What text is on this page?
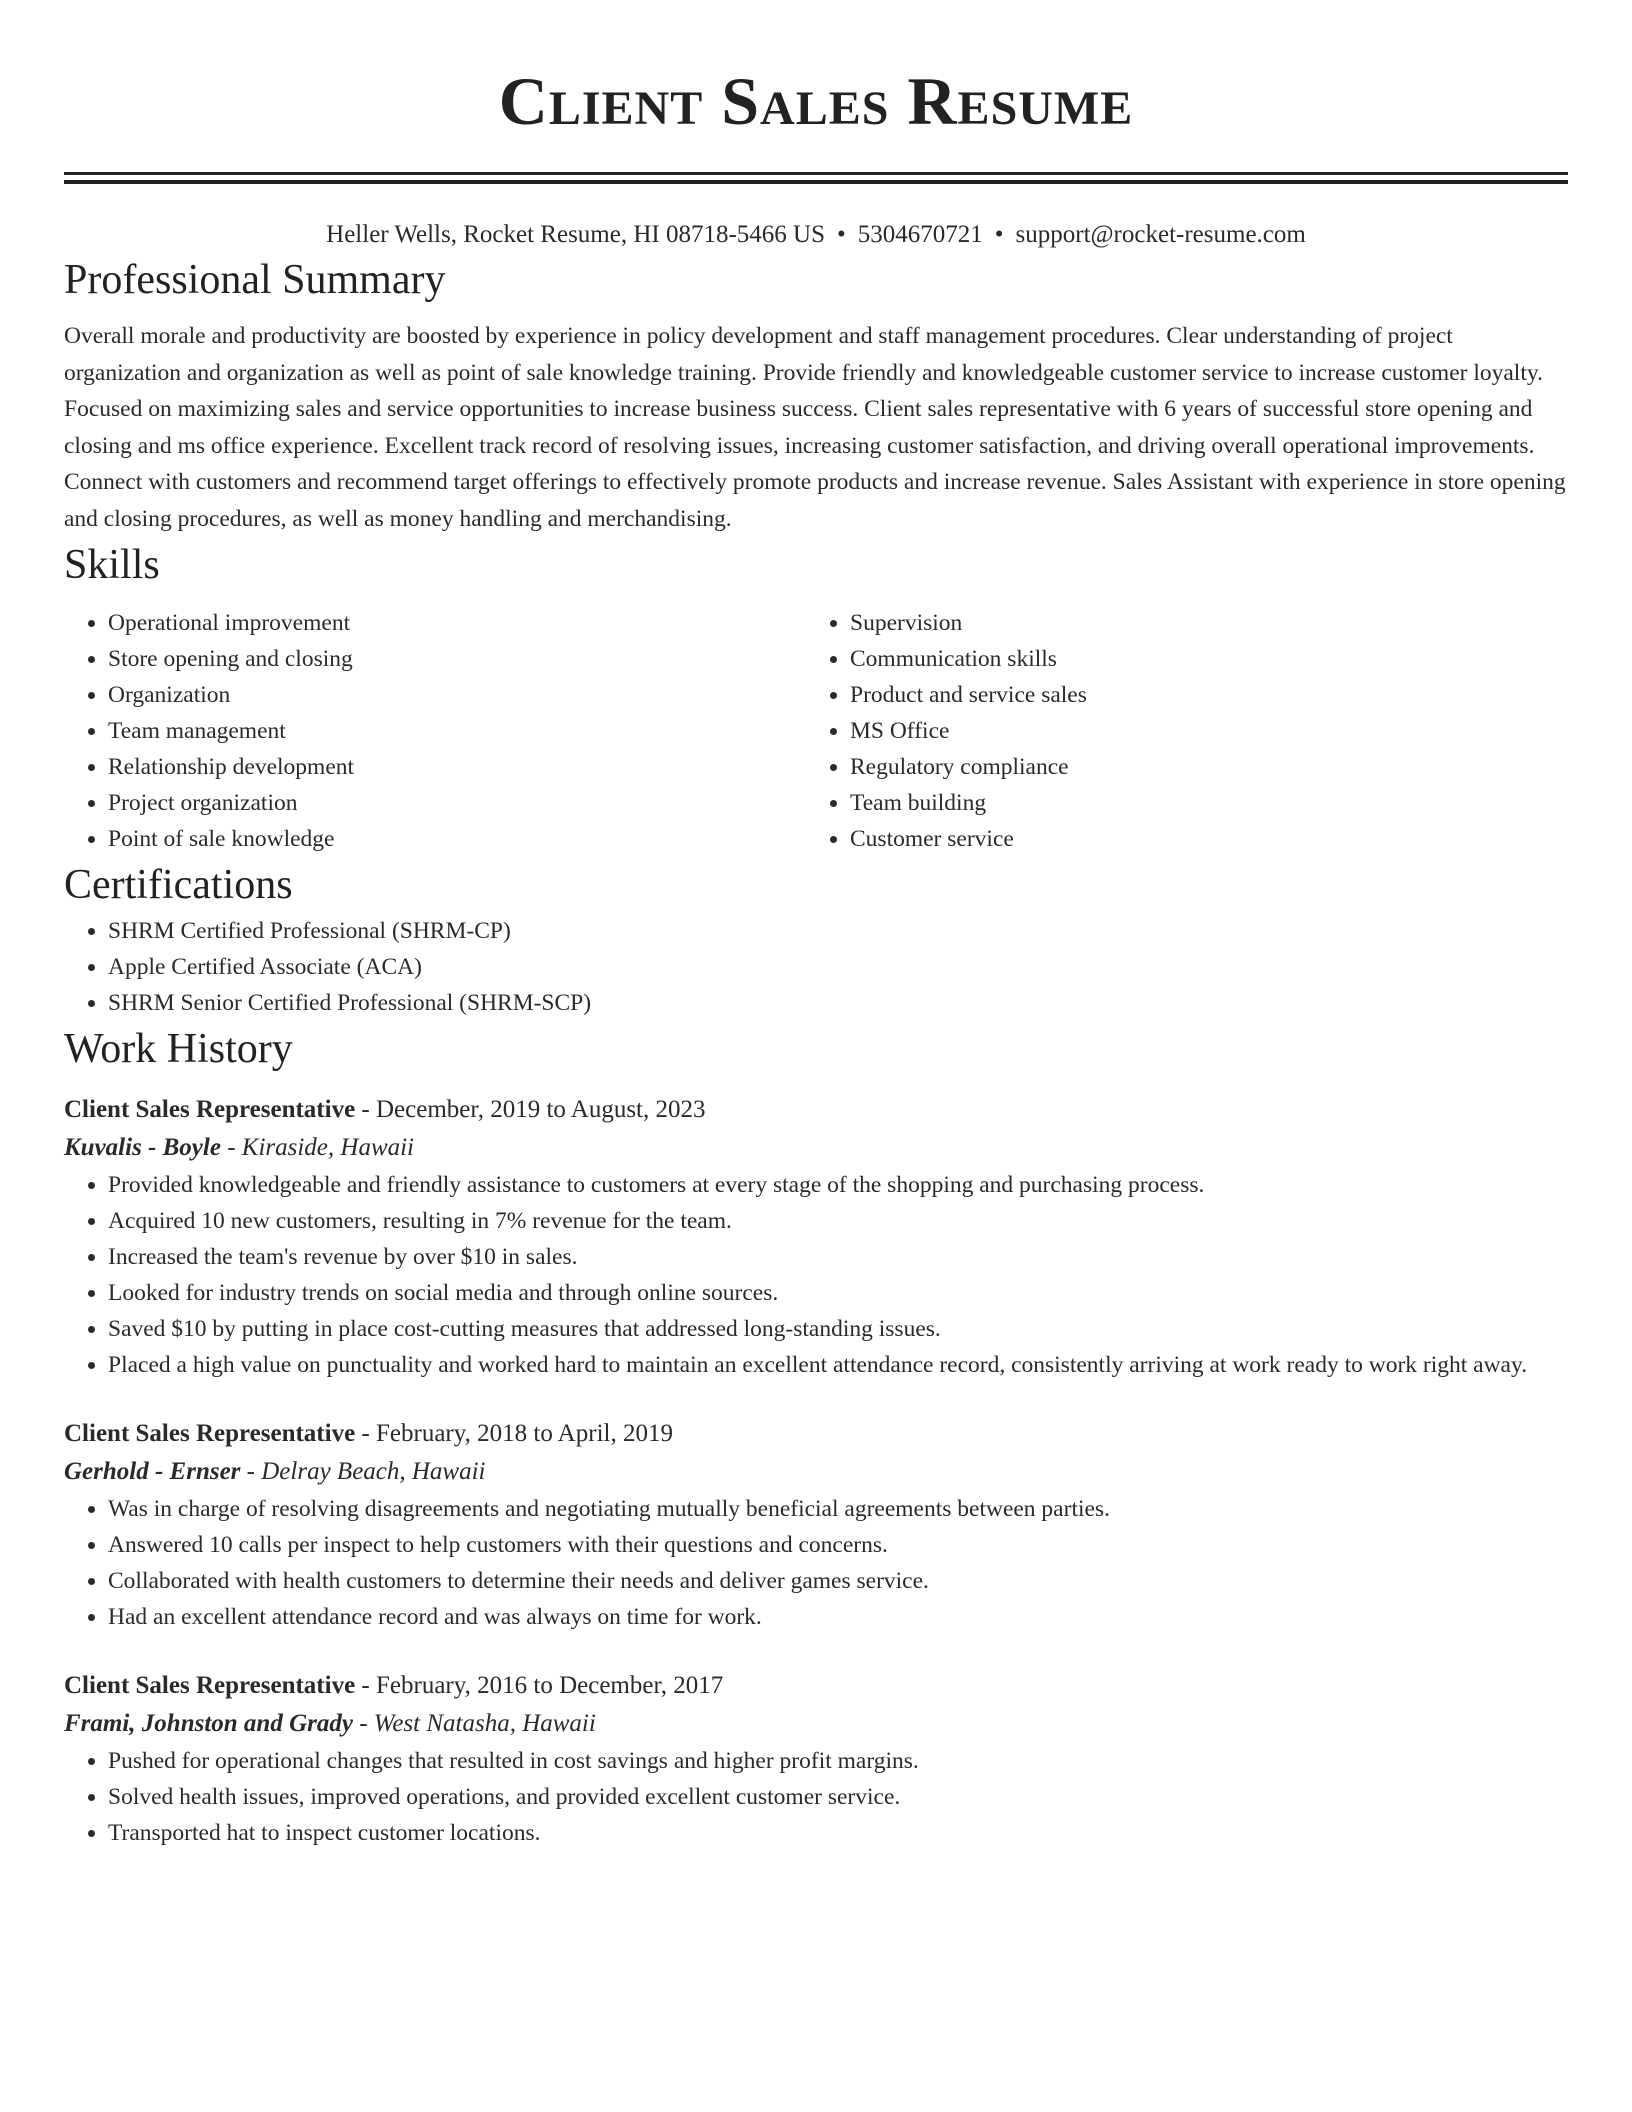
Client Sales Resume
Heller Wells, Rocket Resume, HI 08718-5466 US • 5304670721 • support@rocket-resume.com
Professional Summary

Overall morale and productivity are boosted by experience in policy development and staff management procedures. Clear understanding of project organization and organization as well as point of sale knowledge training. Provide friendly and knowledgeable customer service to increase customer loyalty. Focused on maximizing sales and service opportunities to increase business success. Client sales representative with 6 years of successful store opening and closing and ms office experience. Excellent track record of resolving issues, increasing customer satisfaction, and driving overall operational improvements. Connect with customers and recommend target offerings to effectively promote products and increase revenue. Sales Assistant with experience in store opening and closing procedures, as well as money handling and merchandising.

Skills
• Operational improvement
• Store opening and closing
• Organization
• Team management
• Relationship development
• Project organization
• Point of sale knowledge
• Supervision
• Communication skills
• Product and service sales
• MS Office
• Regulatory compliance
• Team building
• Customer service
Certifications
• SHRM Certified Professional (SHRM-CP)
• Apple Certified Associate (ACA)
• SHRM Senior Certified Professional (SHRM-SCP)
Work History
Client Sales Representative - December, 2019 to August, 2023
Kuvalis - Boyle - Kiraside, Hawaii
• Provided knowledgeable and friendly assistance to customers at every stage of the shopping and purchasing process.
• Acquired 10 new customers, resulting in 7% revenue for the team.
• Increased the team's revenue by over $10 in sales.
• Looked for industry trends on social media and through online sources.
• Saved $10 by putting in place cost-cutting measures that addressed long-standing issues.
• Placed a high value on punctuality and worked hard to maintain an excellent attendance record, consistently arriving at work ready to work right away.
Client Sales Representative - February, 2018 to April, 2019
Gerhold - Ernser - Delray Beach, Hawaii
• Was in charge of resolving disagreements and negotiating mutually beneficial agreements between parties.
• Answered 10 calls per inspect to help customers with their questions and concerns.
• Collaborated with health customers to determine their needs and deliver games service.
• Had an excellent attendance record and was always on time for work.
Client Sales Representative - February, 2016 to December, 2017
Frami, Johnston and Grady - West Natasha, Hawaii
• Pushed for operational changes that resulted in cost savings and higher profit margins.
• Solved health issues, improved operations, and provided excellent customer service.
• Transported hat to inspect customer locations.
